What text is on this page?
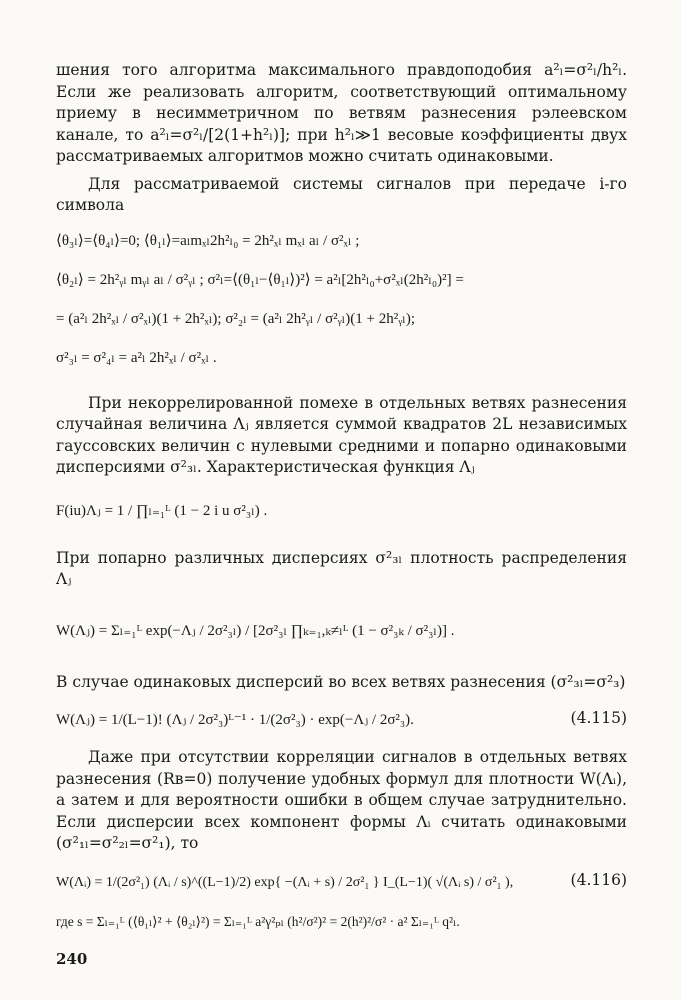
шения того алгоритма максимального правдоподобия a²ₗ=σ²ₗ/h²ₗ. Если же реализовать алгоритм, соответствующий оптимальному приему в несимметричном по ветвям разнесения рэлеевском канале, то a²ₗ=σ²ₗ/[2(1+h²ₗ)]; при h²ₗ≫1 весовые коэффициенты двух рассматриваемых алгоритмов можно считать одинаковыми.

Для рассматриваемой системы сигналов при передаче i-го символа

⟨θ₃ₗ⟩=⟨θ₄ₗ⟩=0; ⟨θ₁ₗ⟩=aₗmₓₗ2h²ₗ₀ = 2h²ₓₗ mₓₗ aₗ / σ²ₓₗ ;

⟨θ₂ₗ⟩ = 2h²ᵧₗ mᵧₗ aₗ / σ²ᵧₗ ; σ²ₗ=⟨(θ₁ₗ−⟨θ₁ₗ⟩)²⟩ = a²ₗ[2h²ₗ₀+σ²ₓₗ(2h²ₗ₀)²] =

= (a²ₗ 2h²ₓₗ / σ²ₓₗ)(1 + 2h²ₓₗ); σ²₂ₗ = (a²ₗ 2h²ᵧₗ / σ²ᵧₗ)(1 + 2h²ᵧₗ);

σ²₃ₗ = σ²₄ₗ = a²ₗ 2h²ₓₗ / σ²ₓₗ .

При некоррелированной помехе в отдельных ветвях разнесения случайная величина Λⱼ является суммой квадратов 2L независимых гауссовских величин с нулевыми средними и попарно одинаковыми дисперсиями σ²₃ₗ. Характеристическая функция Λⱼ

F(iu)Λⱼ = 1 / ∏ₗ₌₁ᴸ (1 − 2 i u σ²₃ₗ) .

При попарно различных дисперсиях σ²₃ₗ плотность распределения Λⱼ

W(Λⱼ) = Σₗ₌₁ᴸ exp(−Λⱼ / 2σ²₃ₗ) / [2σ²₃ₗ ∏ₖ₌₁,ₖ≠ₗᴸ (1 − σ²₃ₖ / σ²₃ₗ)] .

В случае одинаковых дисперсий во всех ветвях разнесения (σ²₃ₗ=σ²₃)

W(Λⱼ) = 1/(L−1)! (Λⱼ / 2σ²₃)ᴸ⁻¹ · 1/(2σ²₃) · exp(−Λⱼ / 2σ²₃).	(4.115)

Даже при отсутствии корреляции сигналов в отдельных ветвях разнесения (Rв=0) получение удобных формул для плотности W(Λᵢ), а затем и для вероятности ошибки в общем случае затруднительно. Если дисперсии всех компонент формы Λᵢ считать одинаковыми (σ²₁ₗ=σ²₂ₗ=σ²₁), то

W(Λᵢ) = 1/(2σ²₁) (Λᵢ / s)^((L−1)/2) exp{ −(Λᵢ + s) / 2σ²₁ } I_(L−1)( √(Λᵢ s) / σ²₁ ),	(4.116)

где s = Σₗ₌₁ᴸ (⟨θ₁ₗ⟩² + ⟨θ₂ₗ⟩²) = Σₗ₌₁ᴸ a²γ²ₚₗ (h²/σ²)² = 2(h²)²/σ² · a² Σₗ₌₁ᴸ q²ₗ.

240
